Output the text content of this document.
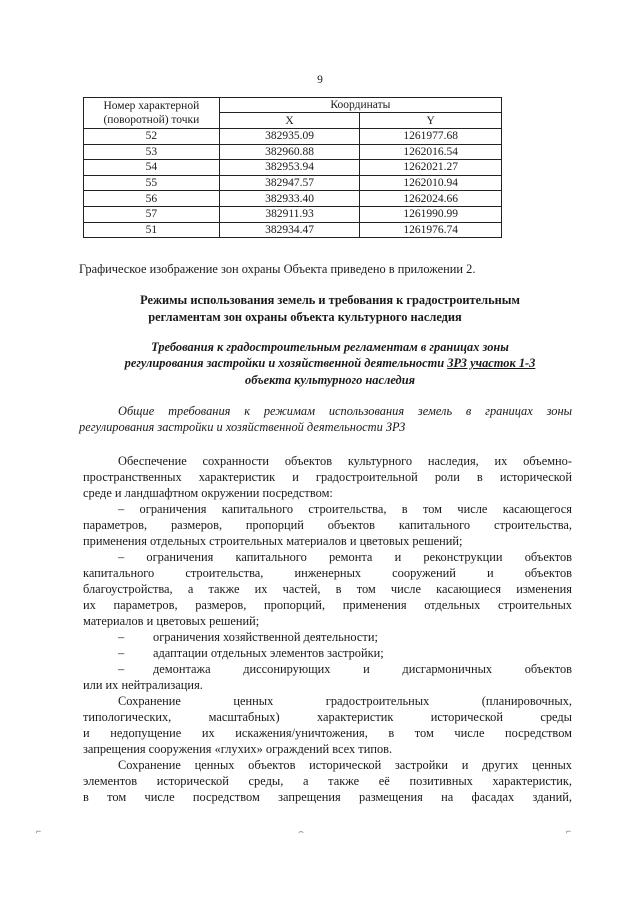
9
Номер характерной (поворотной) точки	Координаты	
	X	Y
52	382935.09	1261977.68
53	382960.88	1262016.54
54	382953.94	1262021.27
55	382947.57	1262010.94
56	382933.40	1262024.66
57	382911.93	1261990.99
51	382934.47	1261976.74
Графическое изображение зон охраны Объекта приведено в приложении 2.
Режимы использования земель и требования к градостроительным
регламентам зон охраны объекта культурного наследия
Требования к градостроительным регламентам в границах зоны
регулирования застройки и хозяйственной деятельности ЗРЗ участок 1-3
объекта культурного наследия
Общие требования к режимам использования земель в границах зоны
регулирования застройки и хозяйственной деятельности ЗРЗ
Обеспечение сохранности объектов культурного наследия, их объемно-
пространственных характеристик и градостроительной роли в исторической
среде и ландшафтном окружении посредством:
– ограничения капитального строительства, в том числе касающегося
параметров, размеров, пропорций объектов капитального строительства,
применения отдельных строительных материалов и цветовых решений;
– ограничения капитального ремонта и реконструкции объектов
капитального строительства, инженерных сооружений и объектов
благоустройства, а также их частей, в том числе касающиеся изменения
их параметров, размеров, пропорций, применения отдельных строительных
материалов и цветовых решений;
– ограничения хозяйственной деятельности;
– адаптации отдельных элементов застройки;
– демонтажа диссонирующих и дисгармоничных объектов
или их нейтрализация.
Сохранение ценных градостроительных (планировочных,
типологических, масштабных) характеристик исторической среды
и недопущение их искажения/уничтожения, в том числе посредством
запрещения сооружения «глухих» ограждений всех типов.
Сохранение ценных объектов исторической застройки и других ценных
элементов исторической среды, а также её позитивных характеристик,
в том числе посредством запрещения размещения на фасадах зданий,
⌐	⌢	⌐
